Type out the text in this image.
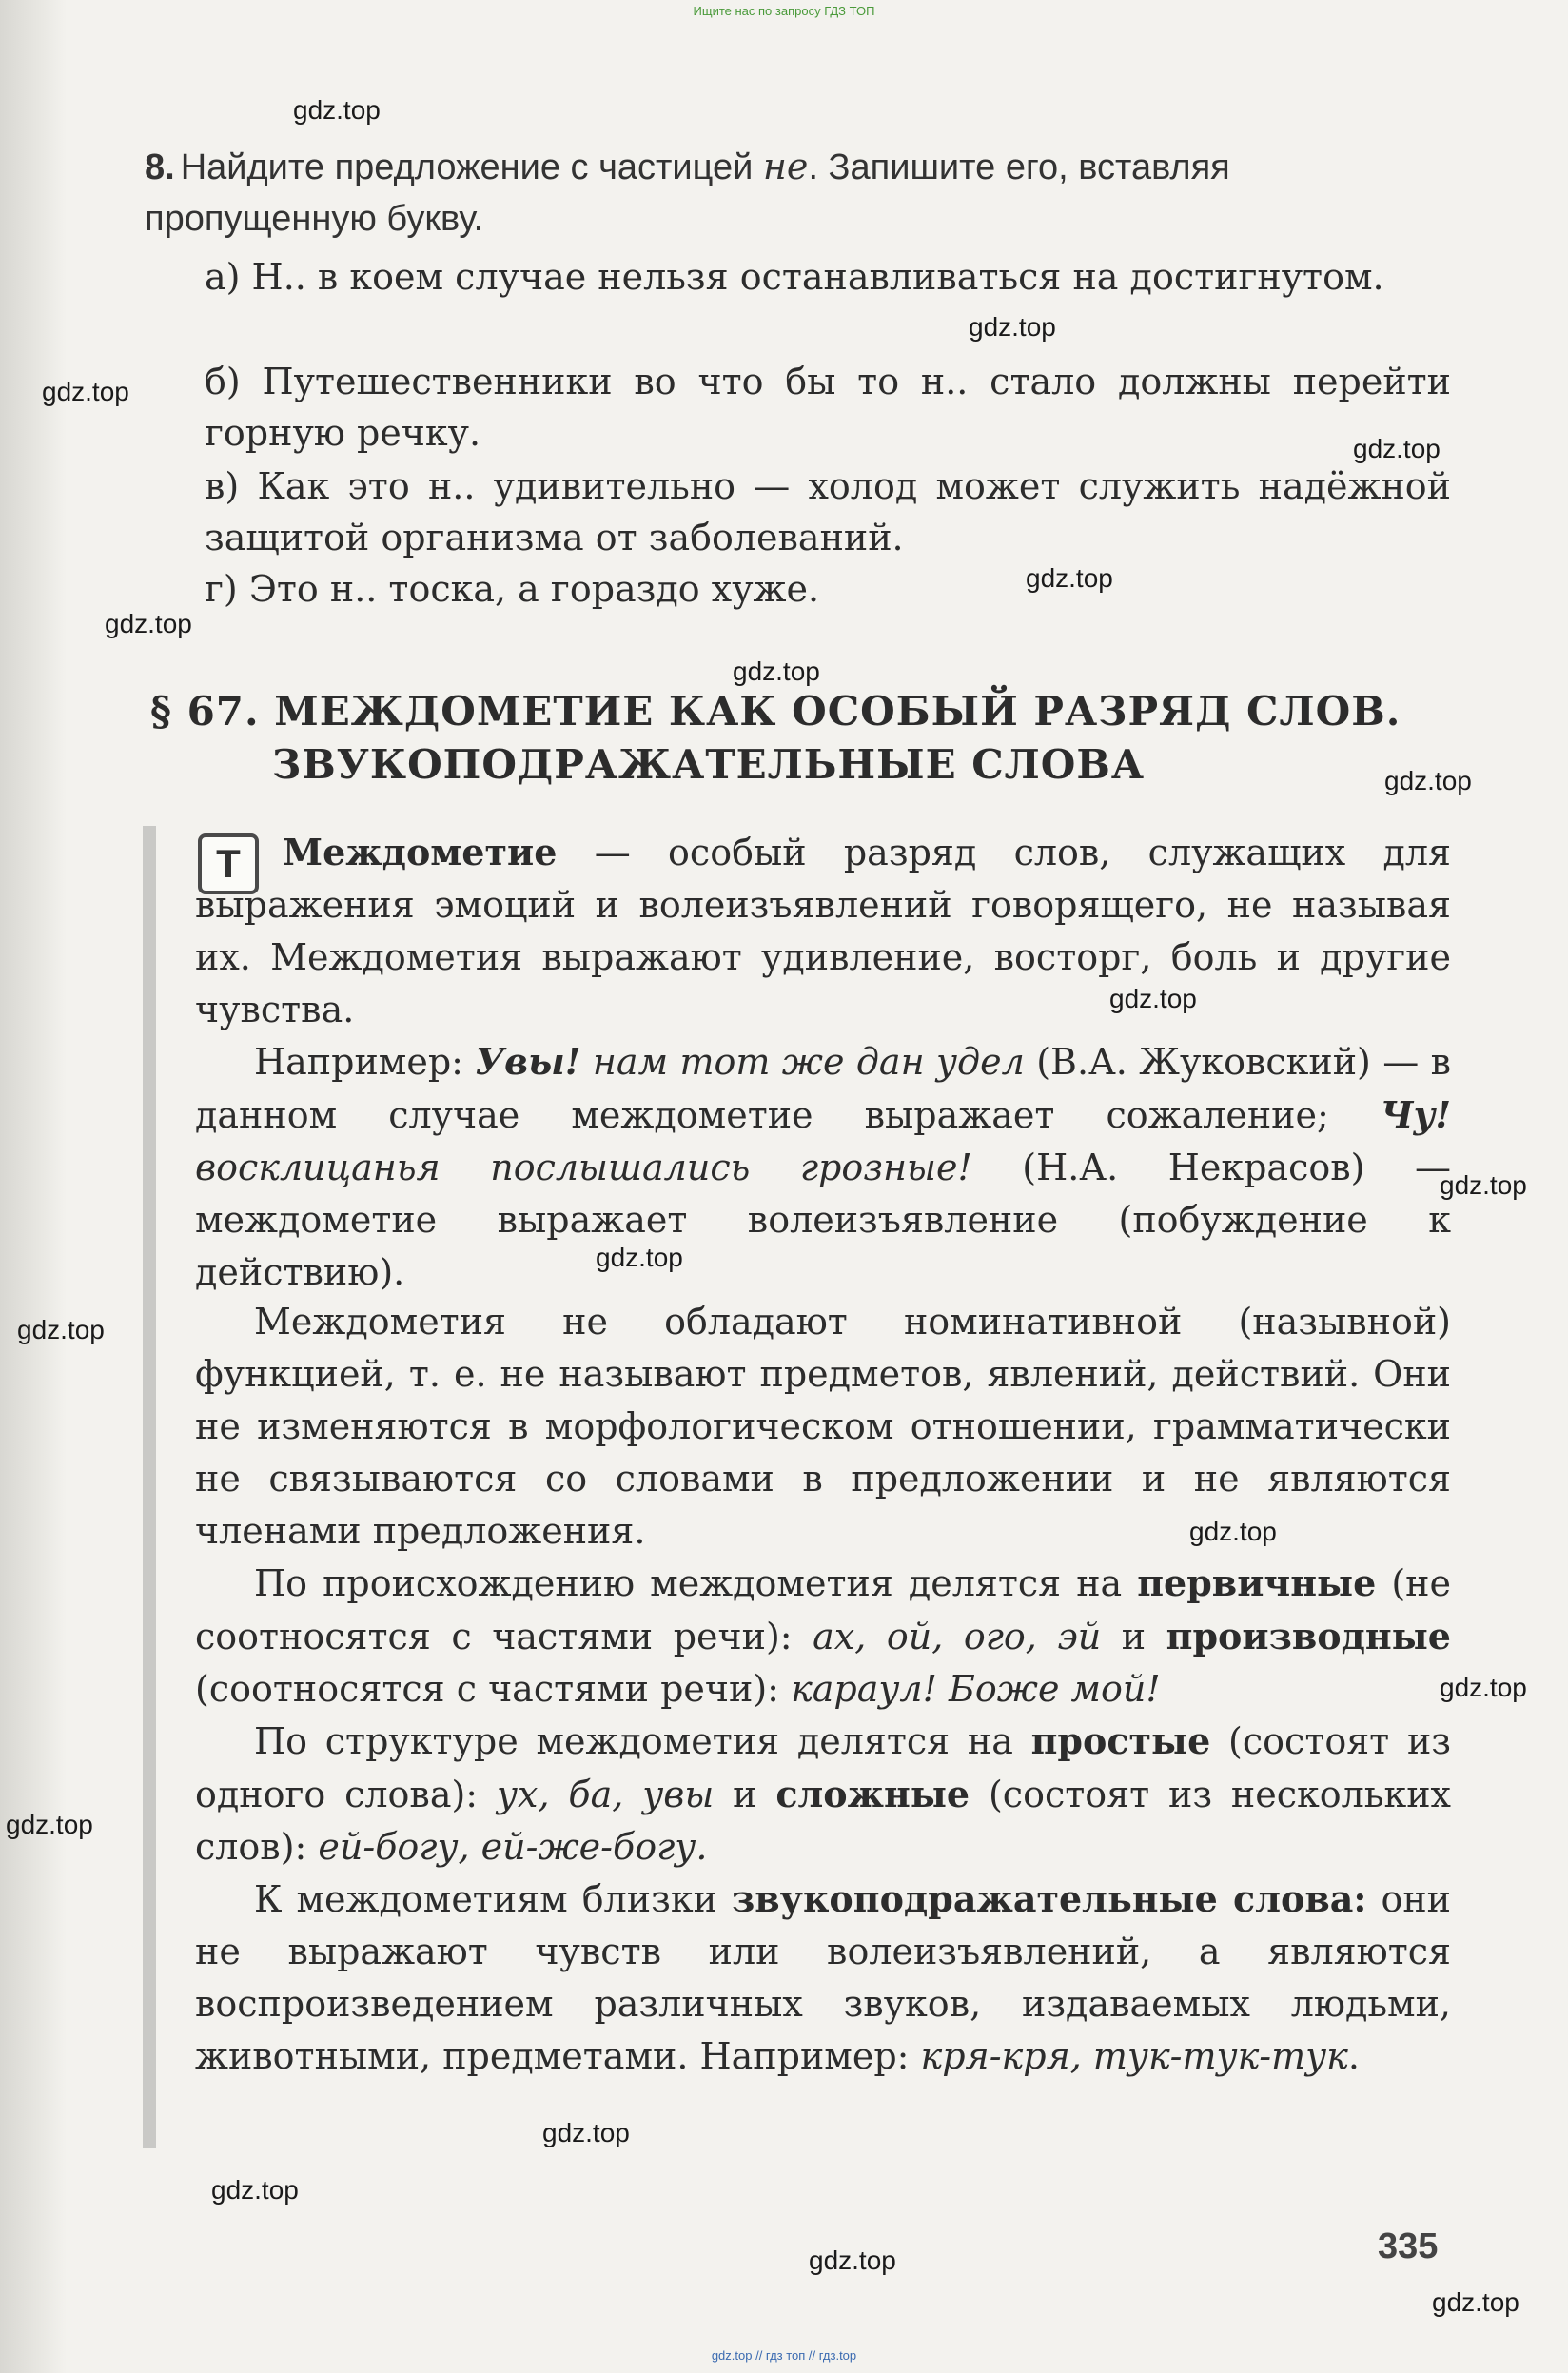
Ищите нас по запросу ГДЗ ТОП
gdz.top
gdz.top
gdz.top
gdz.top
gdz.top
gdz.top
gdz.top
gdz.top
gdz.top
gdz.top
gdz.top
gdz.top
gdz.top
gdz.top
gdz.top
gdz.top
gdz.top
gdz.top
gdz.top
8. Найдите предложение с частицей не. Запишите его, вставляя пропущенную букву.
а) Н.. в коем случае нельзя останавливаться на достигнутом.
б) Путешественники во что бы то н.. стало должны перейти горную речку.
в) Как это н.. удивительно — холод может служить надёжной защитой организма от заболеваний.
г) Это н.. тоска, а гораздо хуже.
§ 67. МЕЖДОМЕТИЕ КАК ОСОБЫЙ РАЗРЯД СЛОВ.
ЗВУКОПОДРАЖАТЕЛЬНЫЕ СЛОВА
Т	Междометие — особый разряд слов, служащих для выражения эмоций и волеизъявлений говорящего, не называя их. Междометия выражают удивление, восторг, боль и другие чувства.
Например: Увы! нам тот же дан удел (В.А. Жуковский) — в данном случае междометие выражает сожаление; Чу! восклицанья послышались грозные! (Н.А. Некрасов) — междометие выражает волеизъявление (побуждение к действию).
Междометия не обладают номинативной (назывной) функцией, т. е. не называют предметов, явлений, действий. Они не изменяются в морфологическом отношении, грамматически не связываются со словами в предложении и не являются членами предложения.
По происхождению междометия делятся на первичные (не соотносятся с частями речи): ах, ой, ого, эй и производные (соотносятся с частями речи): караул! Боже мой!
По структуре междометия делятся на простые (состоят из одного слова): ух, ба, увы и сложные (состоят из нескольких слов): ей-богу, ей-же-богу.
К междометиям близки звукоподражательные слова: они не выражают чувств или волеизъявлений, а являются воспроизведением различных звуков, издаваемых людьми, животными, предметами. Например: кря-кря, тук-тук-тук.
335
gdz.top // гдз топ // гдз.top
